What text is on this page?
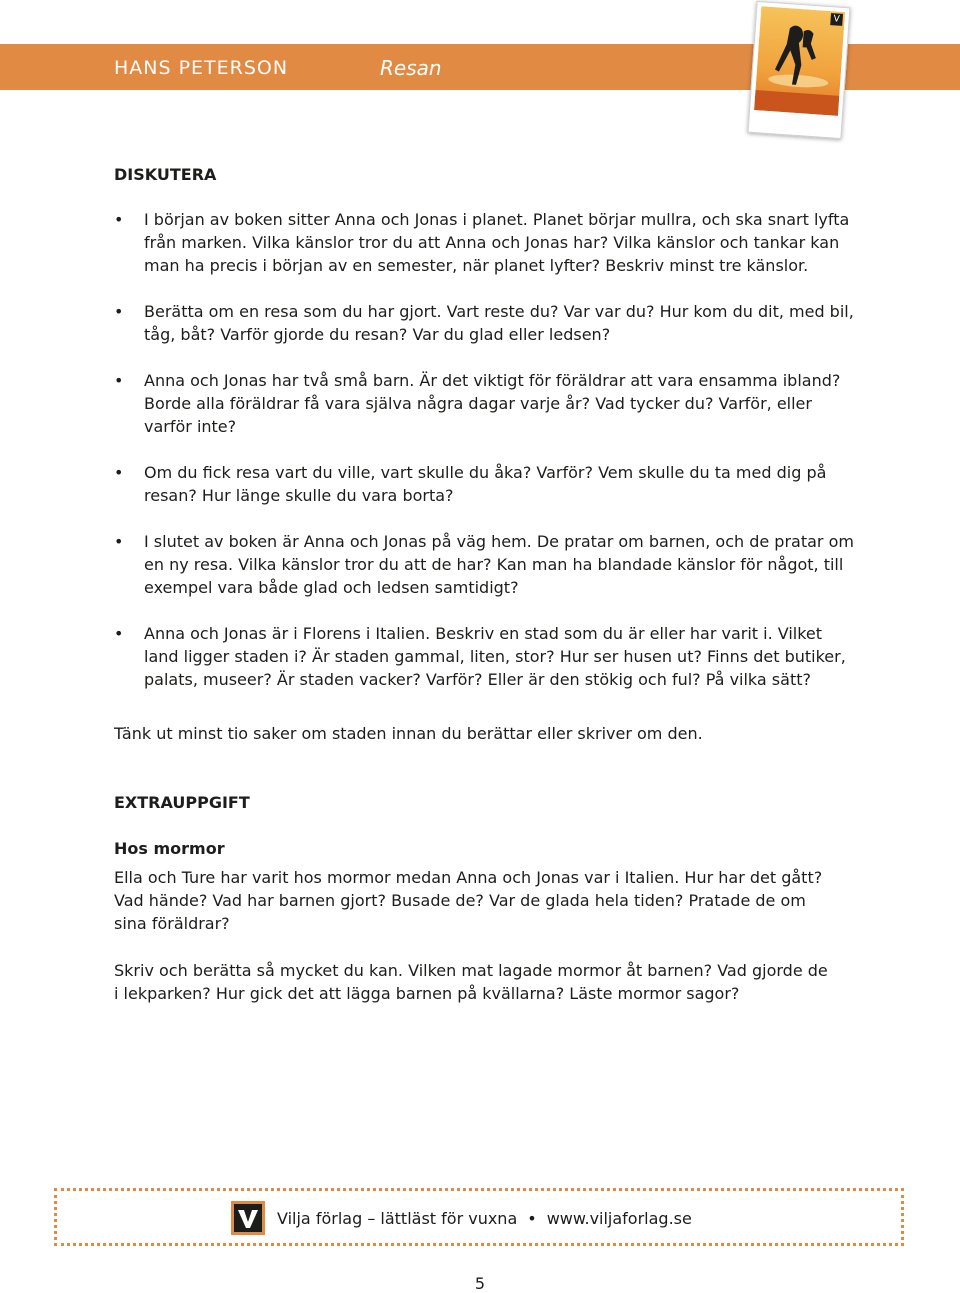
HANS PETERSON	Resan
V
RESAN
DISKUTERA
• I början av boken sitter Anna och Jonas i planet. Planet börjar mullra, och ska snart lyfta från marken. Vilka känslor tror du att Anna och Jonas har? Vilka känslor och tankar kan man ha precis i början av en semester, när planet lyfter? Beskriv minst tre känslor.
• Berätta om en resa som du har gjort. Vart reste du? Var var du? Hur kom du dit, med bil, tåg, båt? Varför gjorde du resan? Var du glad eller ledsen?
• Anna och Jonas har två små barn. Är det viktigt för föräldrar att vara ensamma ibland? Borde alla föräldrar få vara själva några dagar varje år? Vad tycker du? Varför, eller varför inte?
• Om du fick resa vart du ville, vart skulle du åka? Varför? Vem skulle du ta med dig på resan? Hur länge skulle du vara borta?
• I slutet av boken är Anna och Jonas på väg hem. De pratar om barnen, och de pratar om en ny resa. Vilka känslor tror du att de har? Kan man ha blandade känslor för något, till exempel vara både glad och ledsen samtidigt?
• Anna och Jonas är i Florens i Italien. Beskriv en stad som du är eller har varit i. Vilket land ligger staden i? Är staden gammal, liten, stor? Hur ser husen ut? Finns det butiker, palats, museer? Är staden vacker? Varför? Eller är den stökig och ful? På vilka sätt?

Tänk ut minst tio saker om staden innan du berättar eller skriver om den.

EXTRAUPPGIFT
Hos mormor

Ella och Ture har varit hos mormor medan Anna och Jonas var i Italien. Hur har det gått? Vad hände? Vad har barnen gjort? Busade de? Var de glada hela tiden? Pratade de om sina föräldrar?

Skriv och berätta så mycket du kan. Vilken mat lagade mormor åt barnen? Vad gjorde de i lekparken? Hur gick det att lägga barnen på kvällarna? Läste mormor sagor?

Vilja förlag – lättläst för vuxna • www.viljaforlag.se
5
